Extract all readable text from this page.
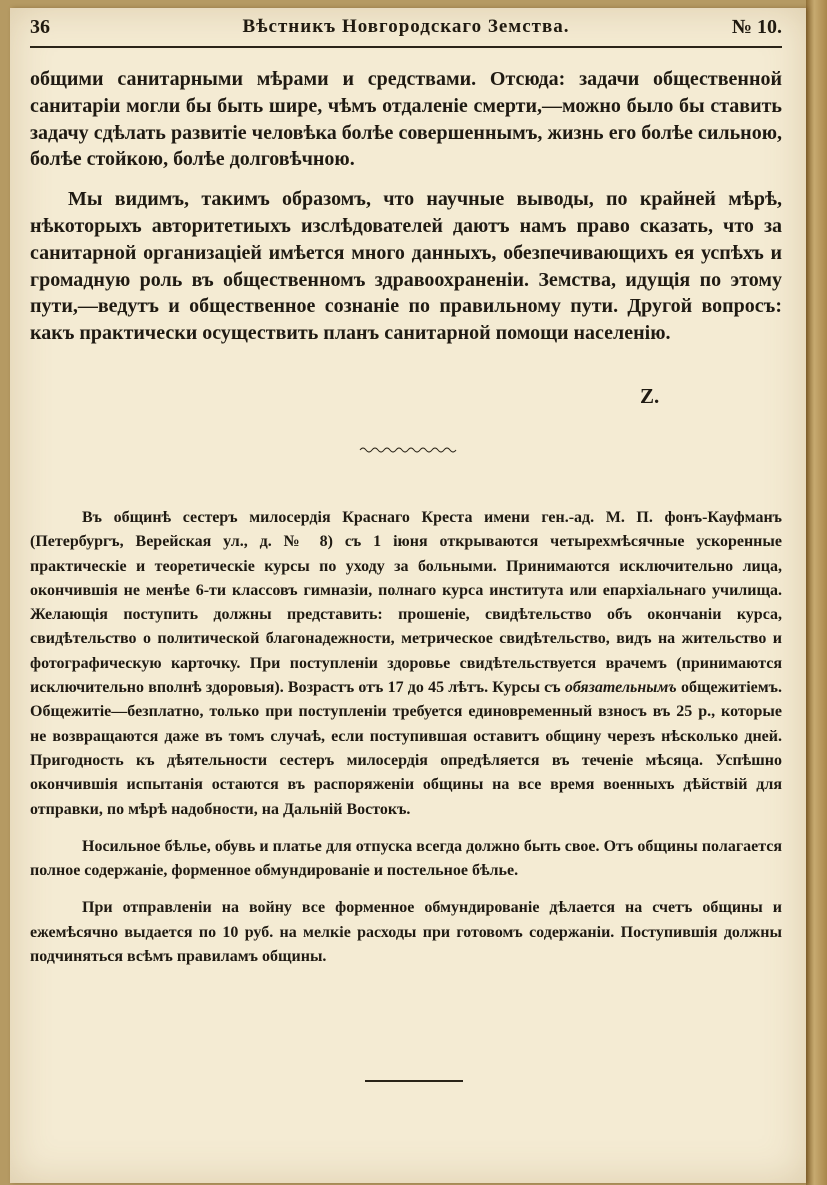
36	Вѣстникъ Новгородскаго Земства.	№ 10.

общими санитарными мѣрами и средствами. Отсюда: задачи общественной санитаріи могли бы быть шире, чѣмъ отдаленіе смерти,—можно было бы ставить задачу сдѣлать развитіе человѣка болѣе совершеннымъ, жизнь его болѣе сильною, болѣе стойкою, болѣе долговѣчною.

Мы видимъ, такимъ образомъ, что научные выводы, по крайней мѣрѣ, нѣкоторыхъ авторитетиыхъ изслѣдователей даютъ намъ право сказать, что за санитарной организаціей имѣется много данныхъ, обезпечивающихъ ея успѣхъ и громадную роль въ общественномъ здравоохраненіи. Земства, идущія по этому пути,—ведутъ и общественное сознаніе по правильному пути. Другой вопросъ: какъ практически осуществить планъ санитарной помощи населенію.

Z.

Въ общинѣ сестеръ милосердія Краснаго Креста имени ген.-ад. М. П. фонъ-Кауфманъ (Петербургъ, Верейская ул., д. № 8) съ 1 іюня открываются четырехмѣсячные ускоренные практическіе и теоретическіе курсы по уходу за больными. Принимаются исключительно лица, окончившія не менѣе 6-ти классовъ гимназіи, полнаго курса института или епархіальнаго училища. Желающія поступить должны представить: прошеніе, свидѣтельство объ окончаніи курса, свидѣтельство о политической благонадежности, метрическое свидѣтельство, видъ на жительство и фотографическую карточку. При поступленіи здоровье свидѣтельствуется врачемъ (принимаются исключительно вполнѣ здоровыя). Возрастъ отъ 17 до 45 лѣтъ. Курсы съ обязательнымъ общежитіемъ. Общежитіе—безплатно, только при поступленіи требуется единовременный взносъ въ 25 р., которые не возвращаются даже въ томъ случаѣ, если поступившая оставитъ общину черезъ нѣсколько дней. Пригодность къ дѣятельности сестеръ милосердія опредѣляется въ теченіе мѣсяца. Успѣшно окончившія испытанія остаются въ распоряженіи общины на все время военныхъ дѣйствій для отправки, по мѣрѣ надобности, на Дальній Востокъ.

Носильное бѣлье, обувь и платье для отпуска всегда должно быть свое. Отъ общины полагается полное содержаніе, форменное обмундированіе и постельное бѣлье.

При отправленіи на войну все форменное обмундированіе дѣлается на счетъ общины и ежемѣсячно выдается по 10 руб. на мелкіе расходы при готовомъ содержаніи. Поступившія должны подчиняться всѣмъ правиламъ общины.
